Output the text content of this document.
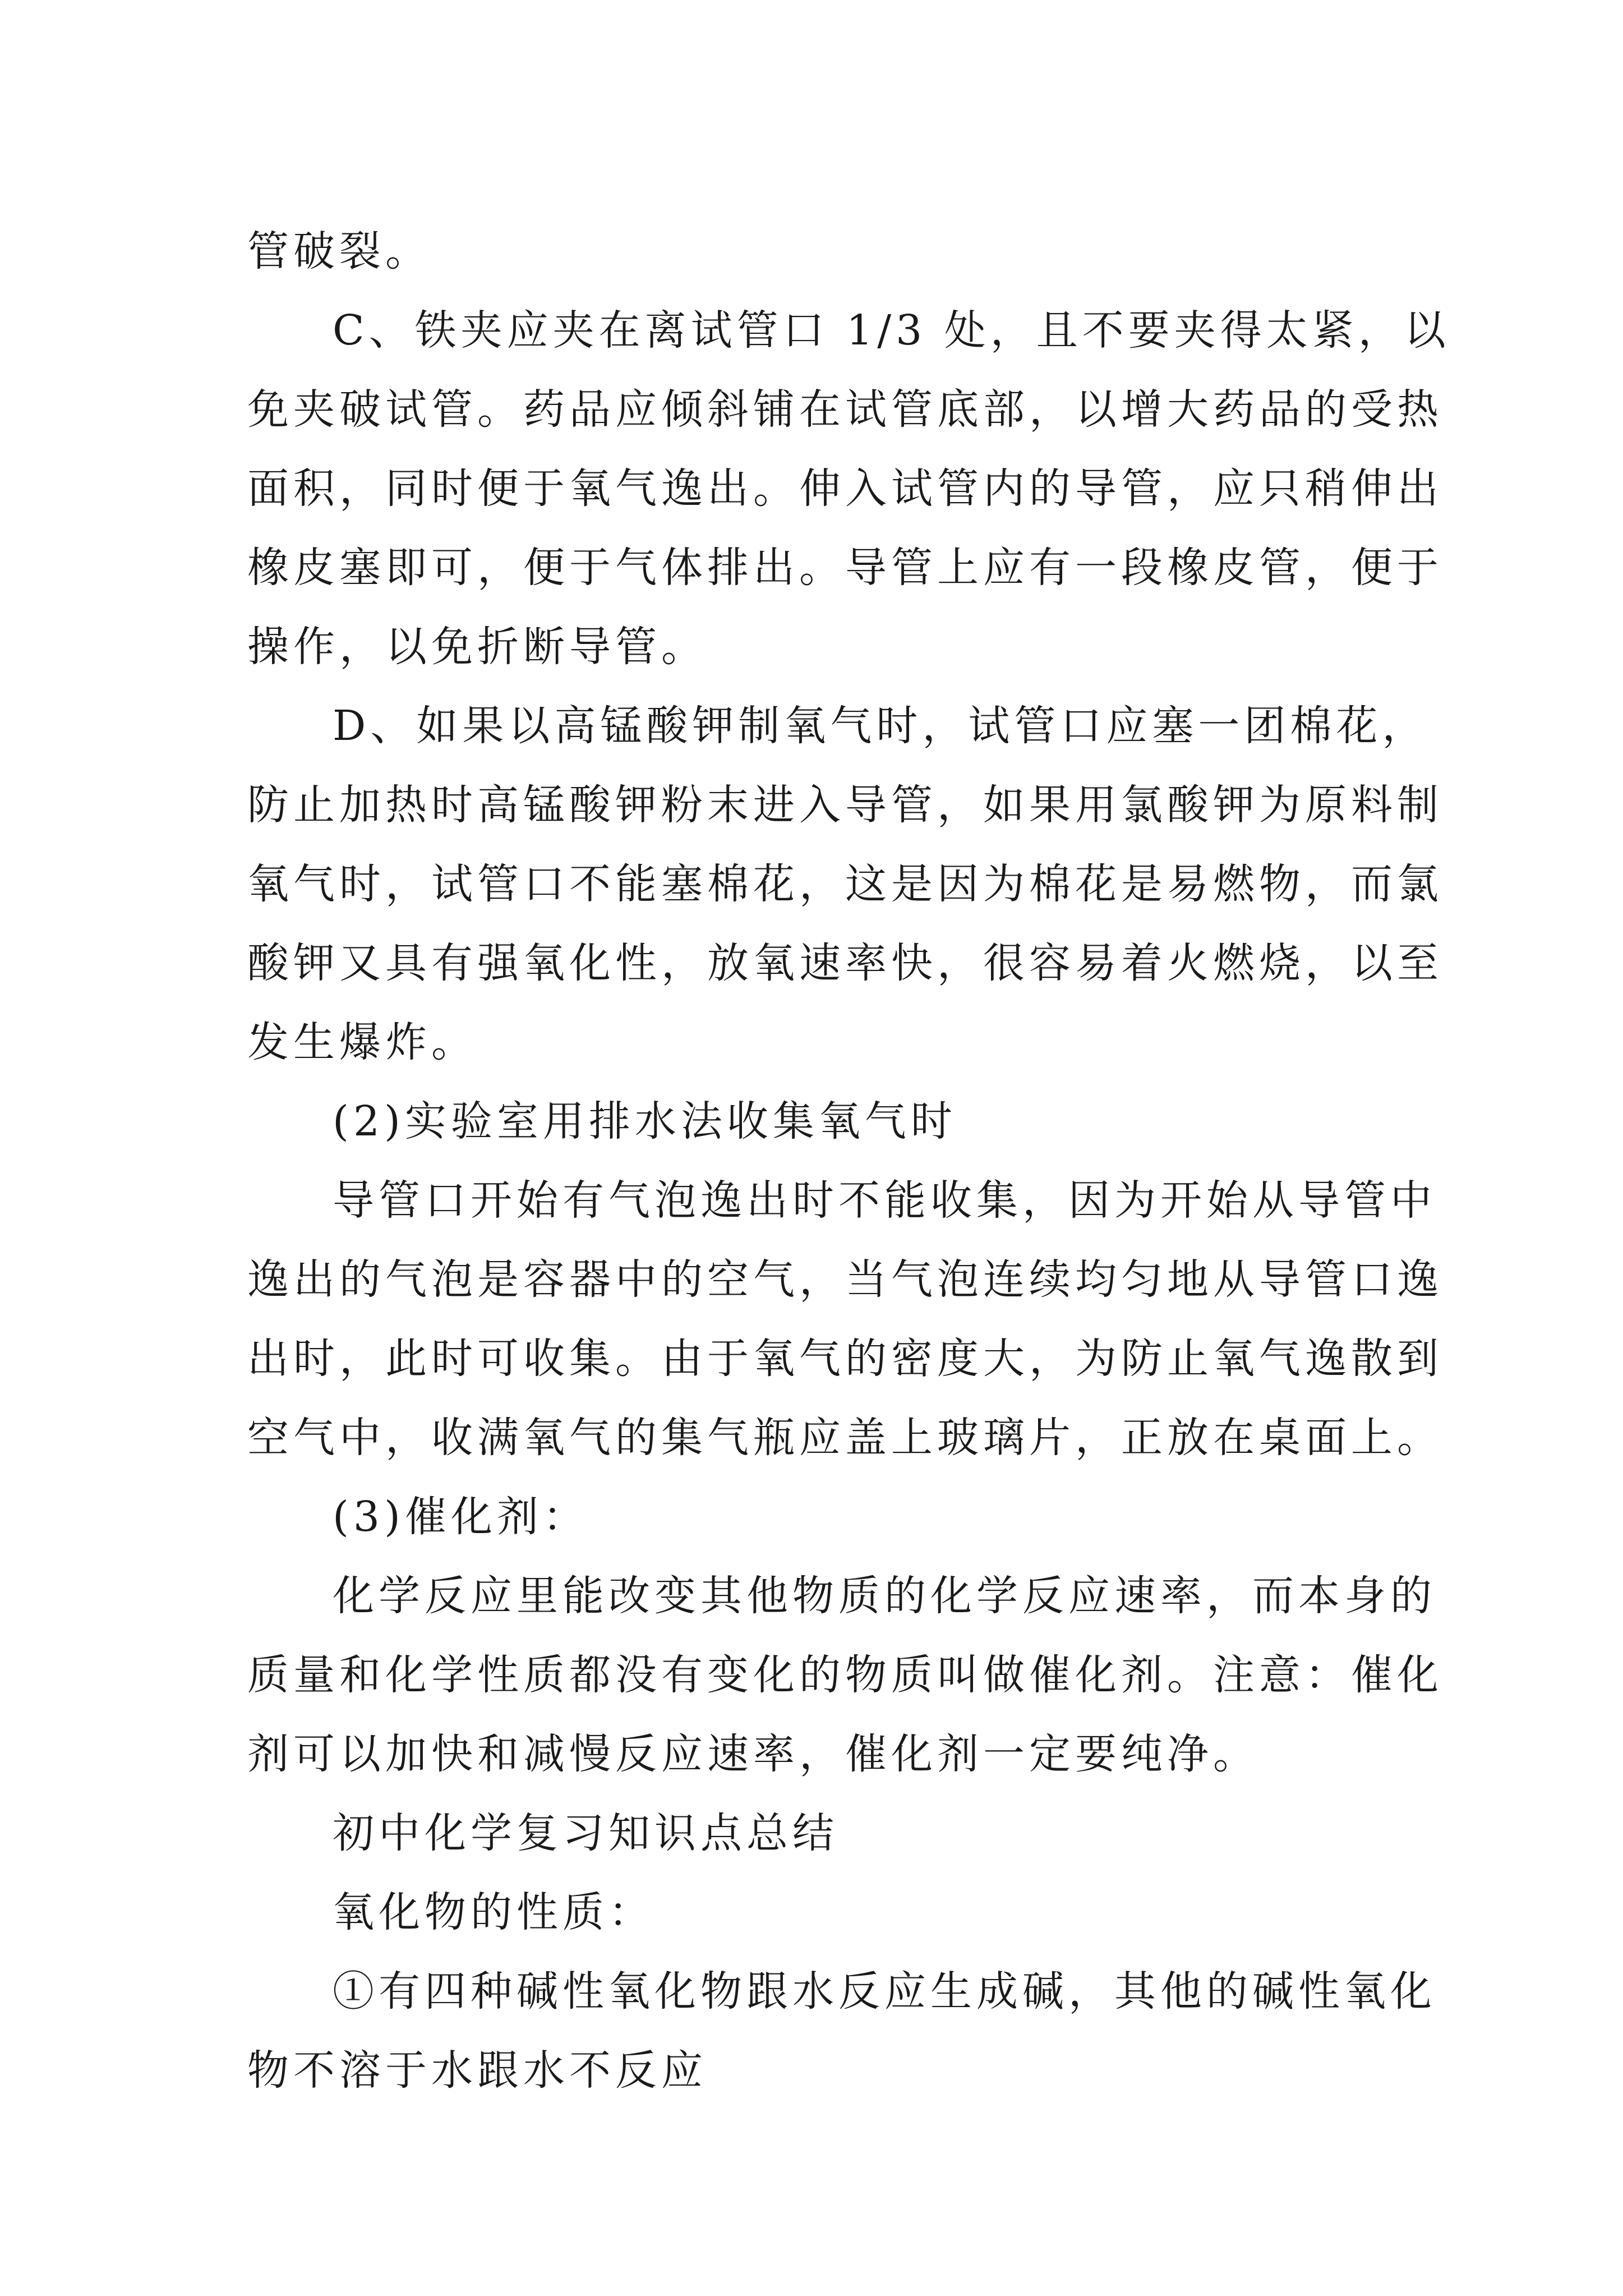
管破裂。

C、铁夹应夹在离试管口 1/3 处，且不要夹得太紧，以
免夹破试管。药品应倾斜铺在试管底部，以增大药品的受热
面积，同时便于氧气逸出。伸入试管内的导管，应只稍伸出
橡皮塞即可，便于气体排出。导管上应有一段橡皮管，便于
操作，以免折断导管。

D、如果以高锰酸钾制氧气时，试管口应塞一团棉花，
防止加热时高锰酸钾粉末进入导管，如果用氯酸钾为原料制
氧气时，试管口不能塞棉花，这是因为棉花是易燃物，而氯
酸钾又具有强氧化性，放氧速率快，很容易着火燃烧，以至
发生爆炸。

(2)实验室用排水法收集氧气时

导管口开始有气泡逸出时不能收集，因为开始从导管中
逸出的气泡是容器中的空气，当气泡连续均匀地从导管口逸
出时，此时可收集。由于氧气的密度大，为防止氧气逸散到
空气中，收满氧气的集气瓶应盖上玻璃片，正放在桌面上。

(3)催化剂：

化学反应里能改变其他物质的化学反应速率，而本身的
质量和化学性质都没有变化的物质叫做催化剂。注意：催化
剂可以加快和减慢反应速率，催化剂一定要纯净。

初中化学复习知识点总结

氧化物的性质：

①有四种碱性氧化物跟水反应生成碱，其他的碱性氧化
物不溶于水跟水不反应
